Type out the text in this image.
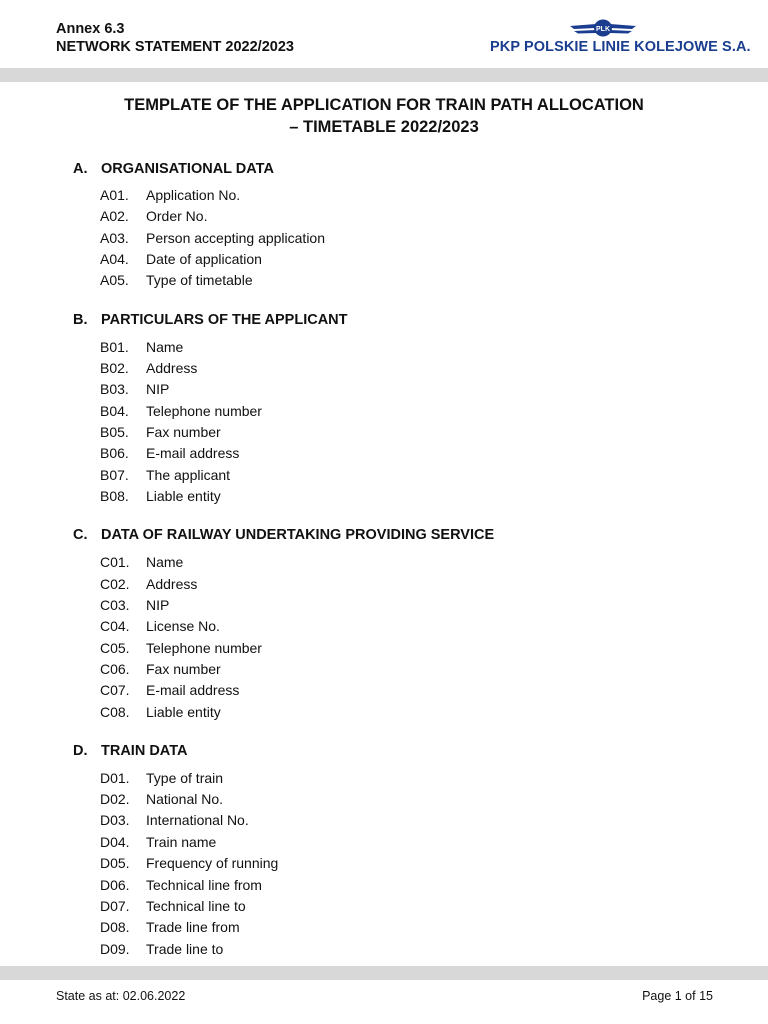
Annex 6.3
NETWORK STATEMENT 2022/2023
PLK
PKP POLSKIE LINIE KOLEJOWE S.A.
TEMPLATE OF THE APPLICATION FOR TRAIN PATH ALLOCATION
– TIMETABLE 2022/2023
A. ORGANISATIONAL DATA
A01. Application No.
A02. Order No.
A03. Person accepting application
A04. Date of application
A05. Type of timetable
B. PARTICULARS OF THE APPLICANT
B01. Name
B02. Address
B03. NIP
B04. Telephone number
B05. Fax number
B06. E-mail address
B07. The applicant
B08. Liable entity
C. DATA OF RAILWAY UNDERTAKING PROVIDING SERVICE
C01. Name
C02. Address
C03. NIP
C04. License No.
C05. Telephone number
C06. Fax number
C07. E-mail address
C08. Liable entity
D. TRAIN DATA
D01. Type of train
D02. National No.
D03. International No.
D04. Train name
D05. Frequency of running
D06. Technical line from
D07. Technical line to
D08. Trade line from
D09. Trade line to
State as at: 02.06.2022	Page 1 of 15
